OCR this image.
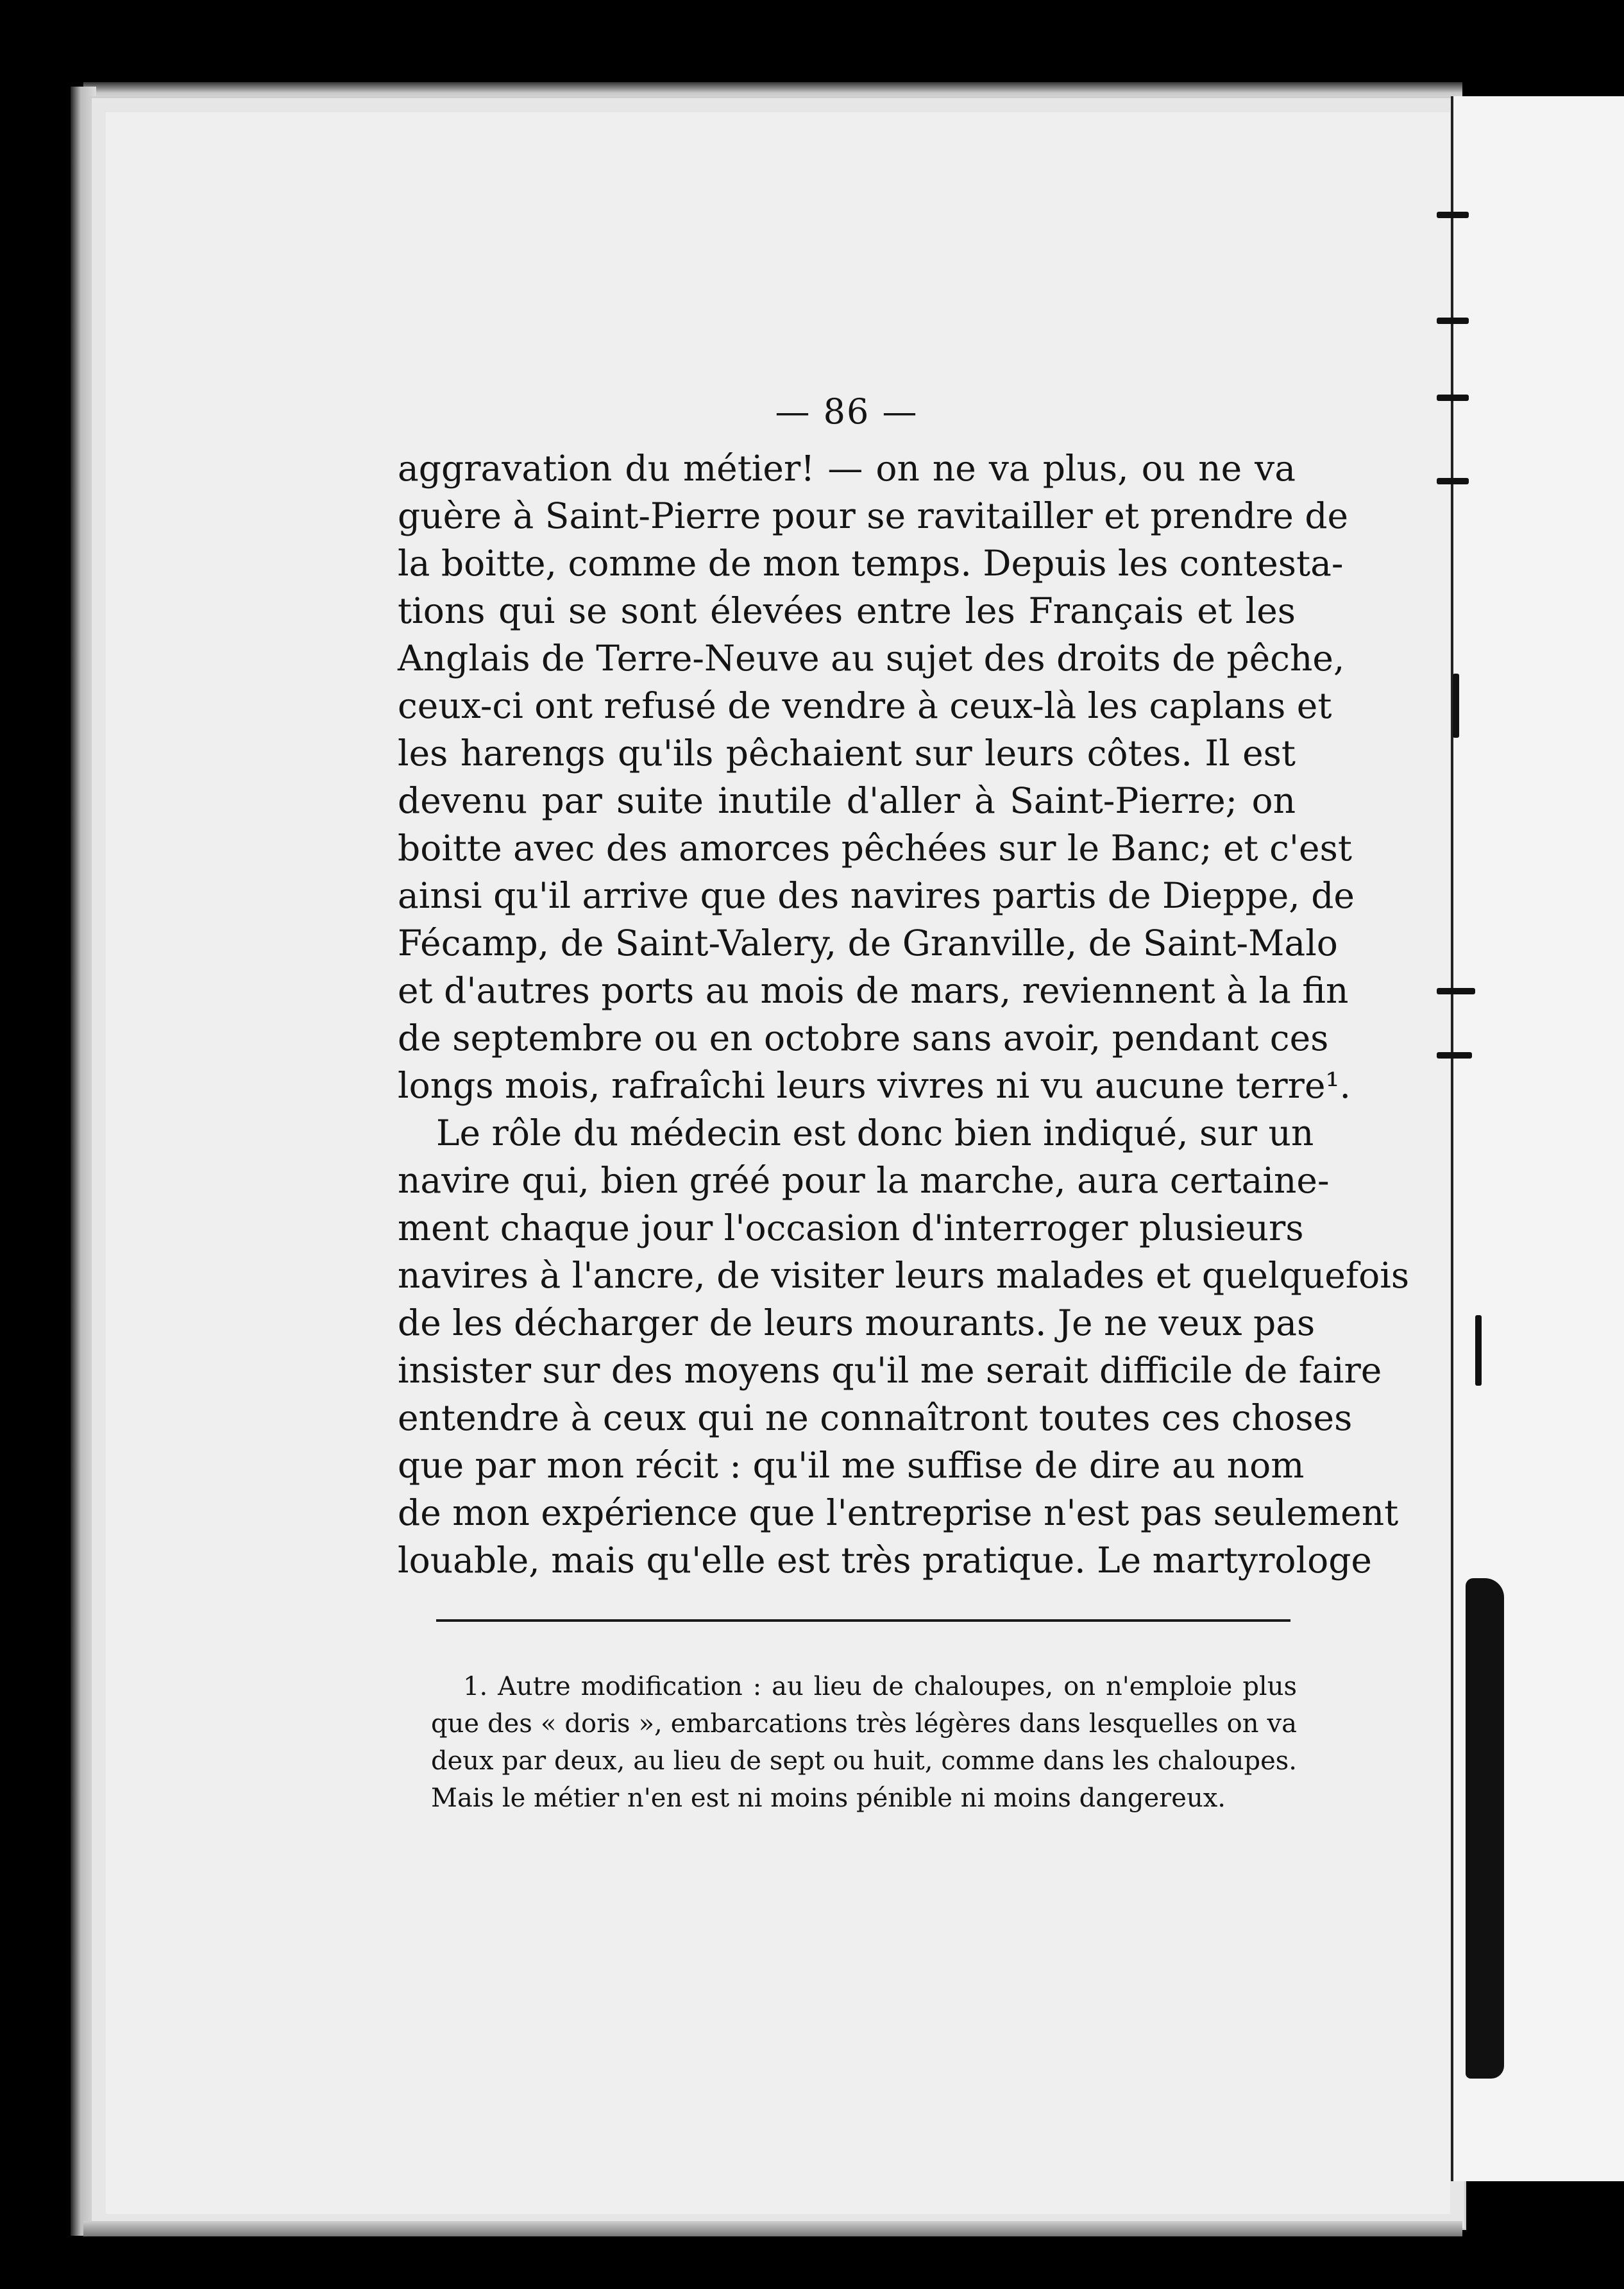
— 86 —
aggravation du métier! — on ne va plus, ou ne va
guère à Saint-Pierre pour se ravitailler et prendre de
la boitte, comme de mon temps. Depuis les contesta-
tions qui se sont élevées entre les Français et les
Anglais de Terre-Neuve au sujet des droits de pêche,
ceux-ci ont refusé de vendre à ceux-là les caplans et
les harengs qu'ils pêchaient sur leurs côtes. Il est
devenu par suite inutile d'aller à Saint-Pierre; on
boitte avec des amorces pêchées sur le Banc; et c'est
ainsi qu'il arrive que des navires partis de Dieppe, de
Fécamp, de Saint-Valery, de Granville, de Saint-Malo
et d'autres ports au mois de mars, reviennent à la fin
de septembre ou en octobre sans avoir, pendant ces
longs mois, rafraîchi leurs vivres ni vu aucune terre¹.
Le rôle du médecin est donc bien indiqué, sur un
navire qui, bien gréé pour la marche, aura certaine-
ment chaque jour l'occasion d'interroger plusieurs
navires à l'ancre, de visiter leurs malades et quelquefois
de les décharger de leurs mourants. Je ne veux pas
insister sur des moyens qu'il me serait difficile de faire
entendre à ceux qui ne connaîtront toutes ces choses
que par mon récit : qu'il me suffise de dire au nom
de mon expérience que l'entreprise n'est pas seulement
louable, mais qu'elle est très pratique. Le martyrologe
1. Autre modification : au lieu de chaloupes, on n'emploie plus
que des « doris », embarcations très légères dans lesquelles on va
deux par deux, au lieu de sept ou huit, comme dans les chaloupes.
Mais le métier n'en est ni moins pénible ni moins dangereux.
